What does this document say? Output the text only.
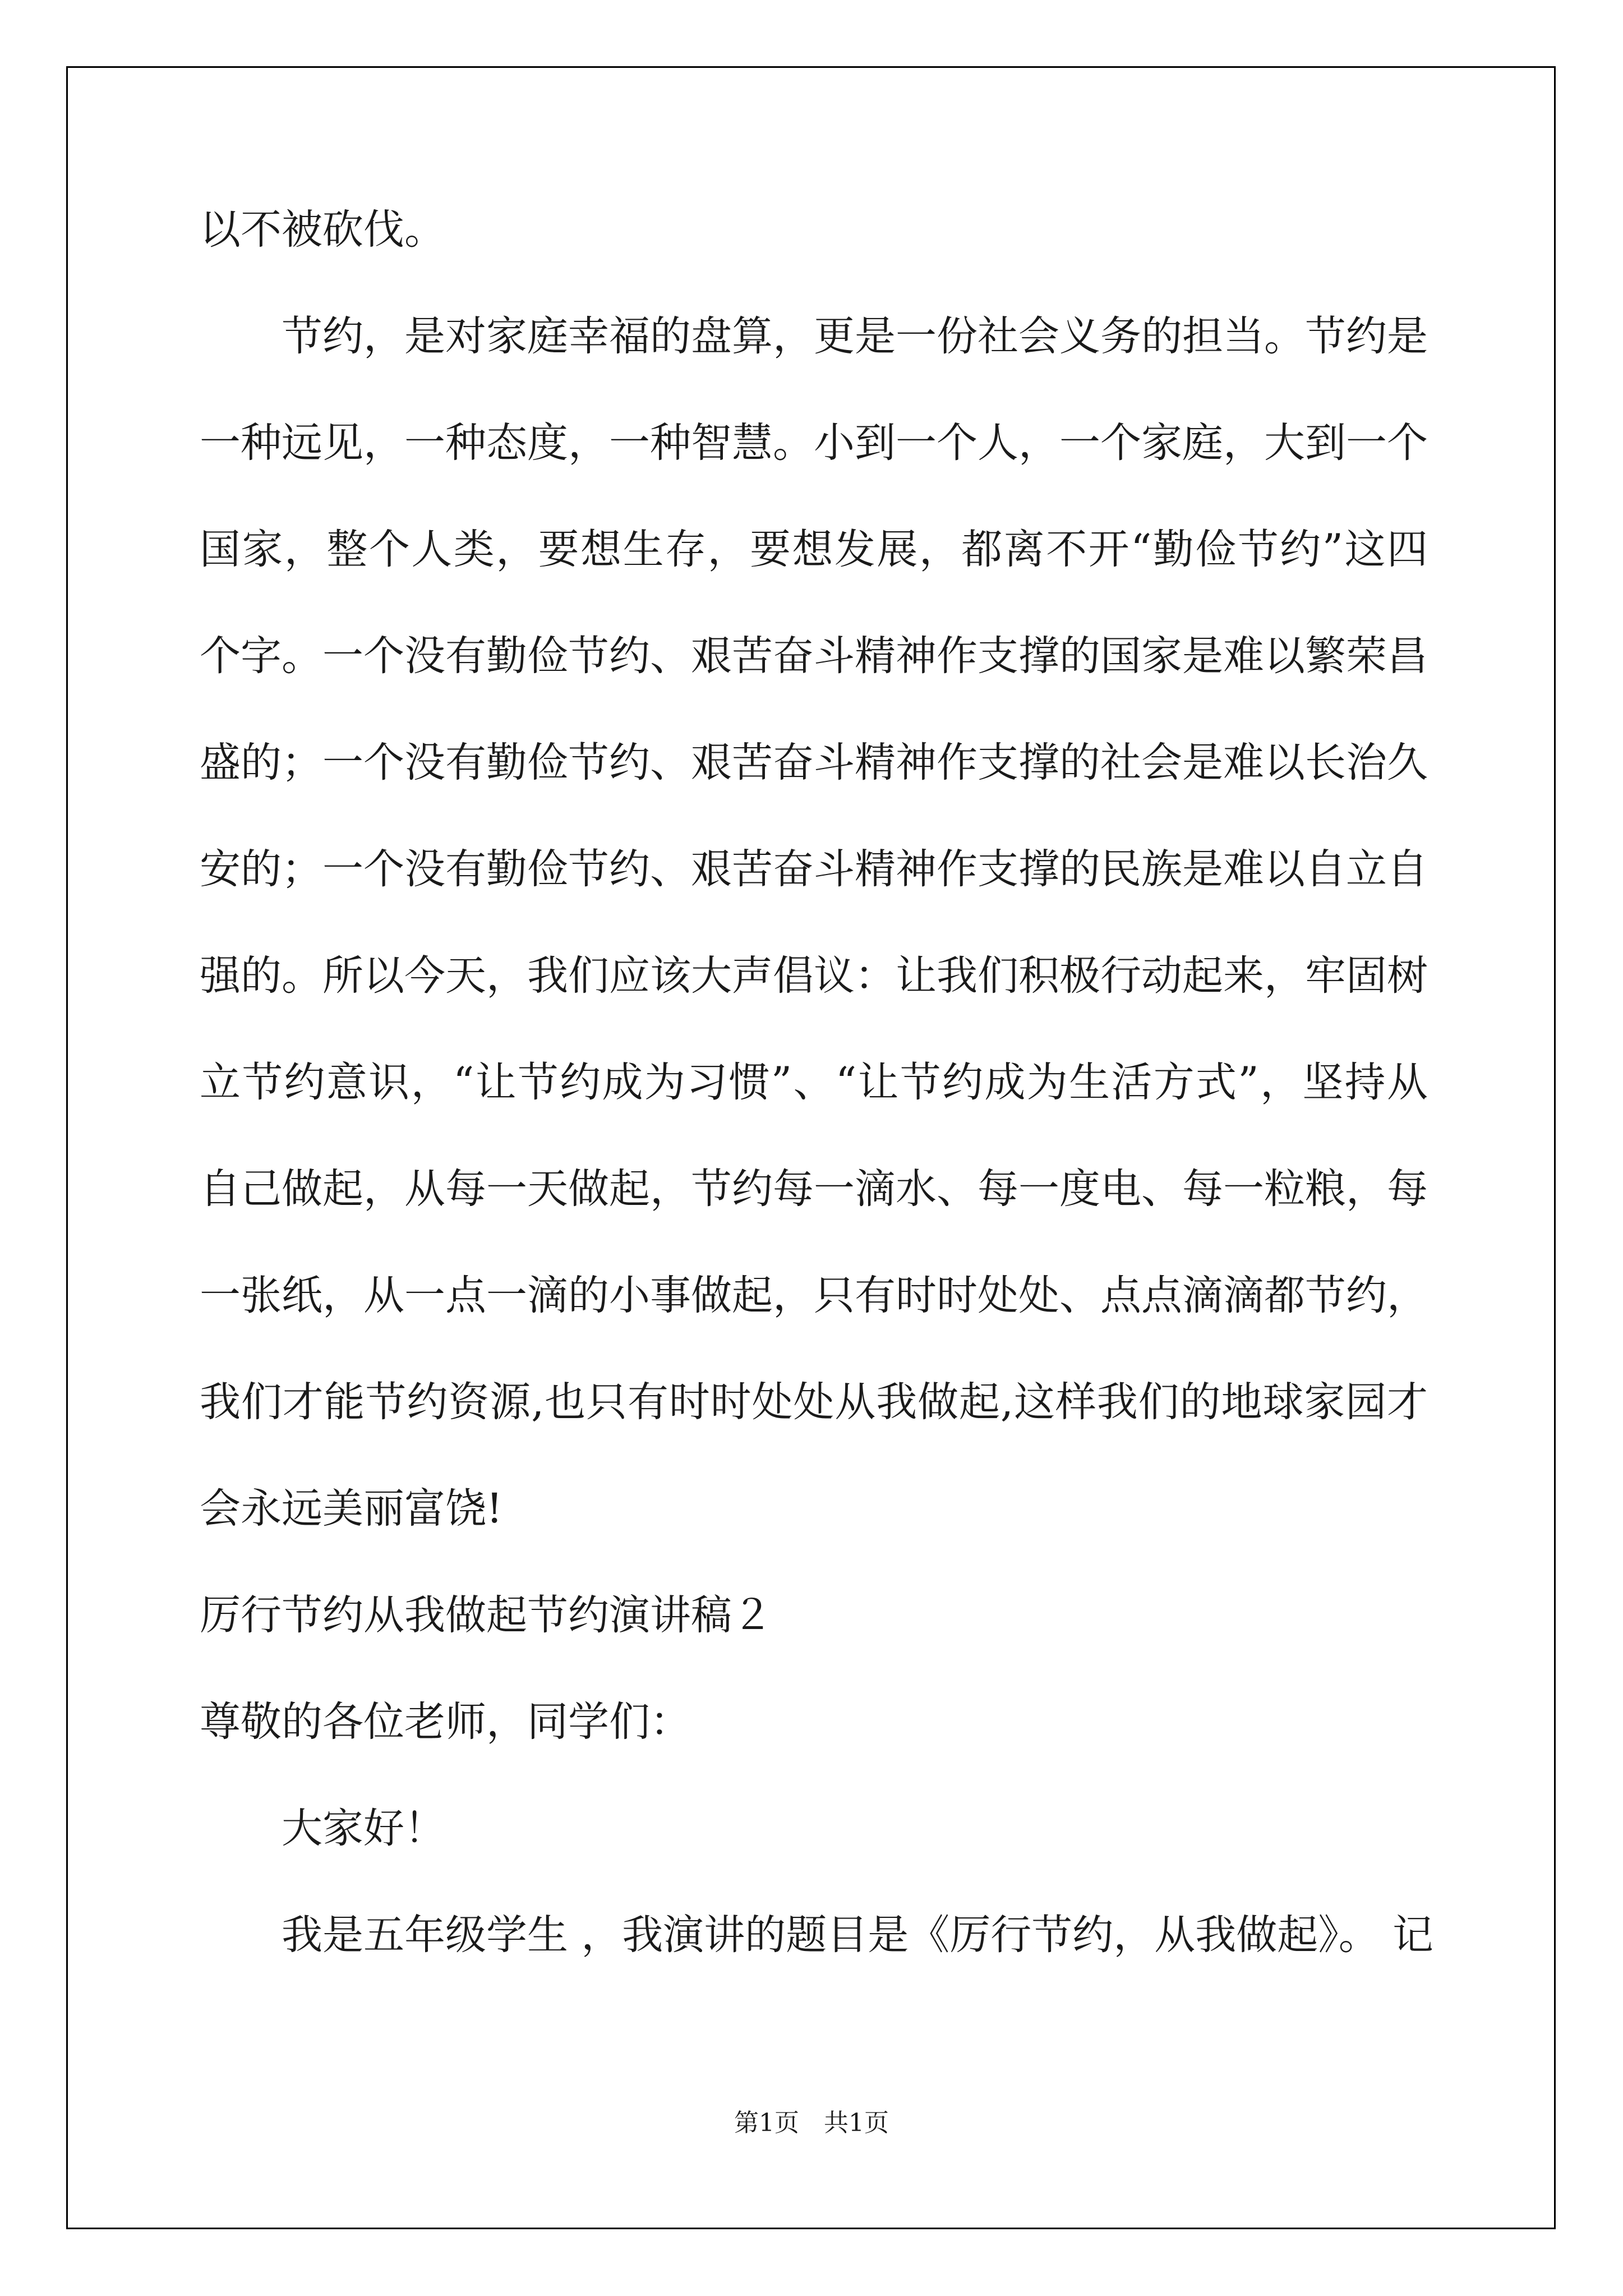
以不被砍伐。
节约，是对家庭幸福的盘算，更是一份社会义务的担当。节约是
一种远见，一种态度，一种智慧。小到一个人，一个家庭，大到一个
国家，整个人类，要想生存，要想发展，都离不开“勤俭节约”这四
个字。一个没有勤俭节约、艰苦奋斗精神作支撑的国家是难以繁荣昌
盛的；一个没有勤俭节约、艰苦奋斗精神作支撑的社会是难以长治久
安的；一个没有勤俭节约、艰苦奋斗精神作支撑的民族是难以自立自
强的。所以今天，我们应该大声倡议：让我们积极行动起来，牢固树
立节约意识，“让节约成为习惯”、“让节约成为生活方式”，坚持从
自己做起，从每一天做起，节约每一滴水、每一度电、每一粒粮，每
一张纸，从一点一滴的小事做起，只有时时处处、点点滴滴都节约，
我们才能节约资源,也只有时时处处从我做起,这样我们的地球家园才
会永远美丽富饶!
厉行节约从我做起节约演讲稿２
尊敬的各位老师，同学们：
大家好！
我是五年级学生 ，我演讲的题目是《厉行节约，从我做起》。 记
第1页 共1页
